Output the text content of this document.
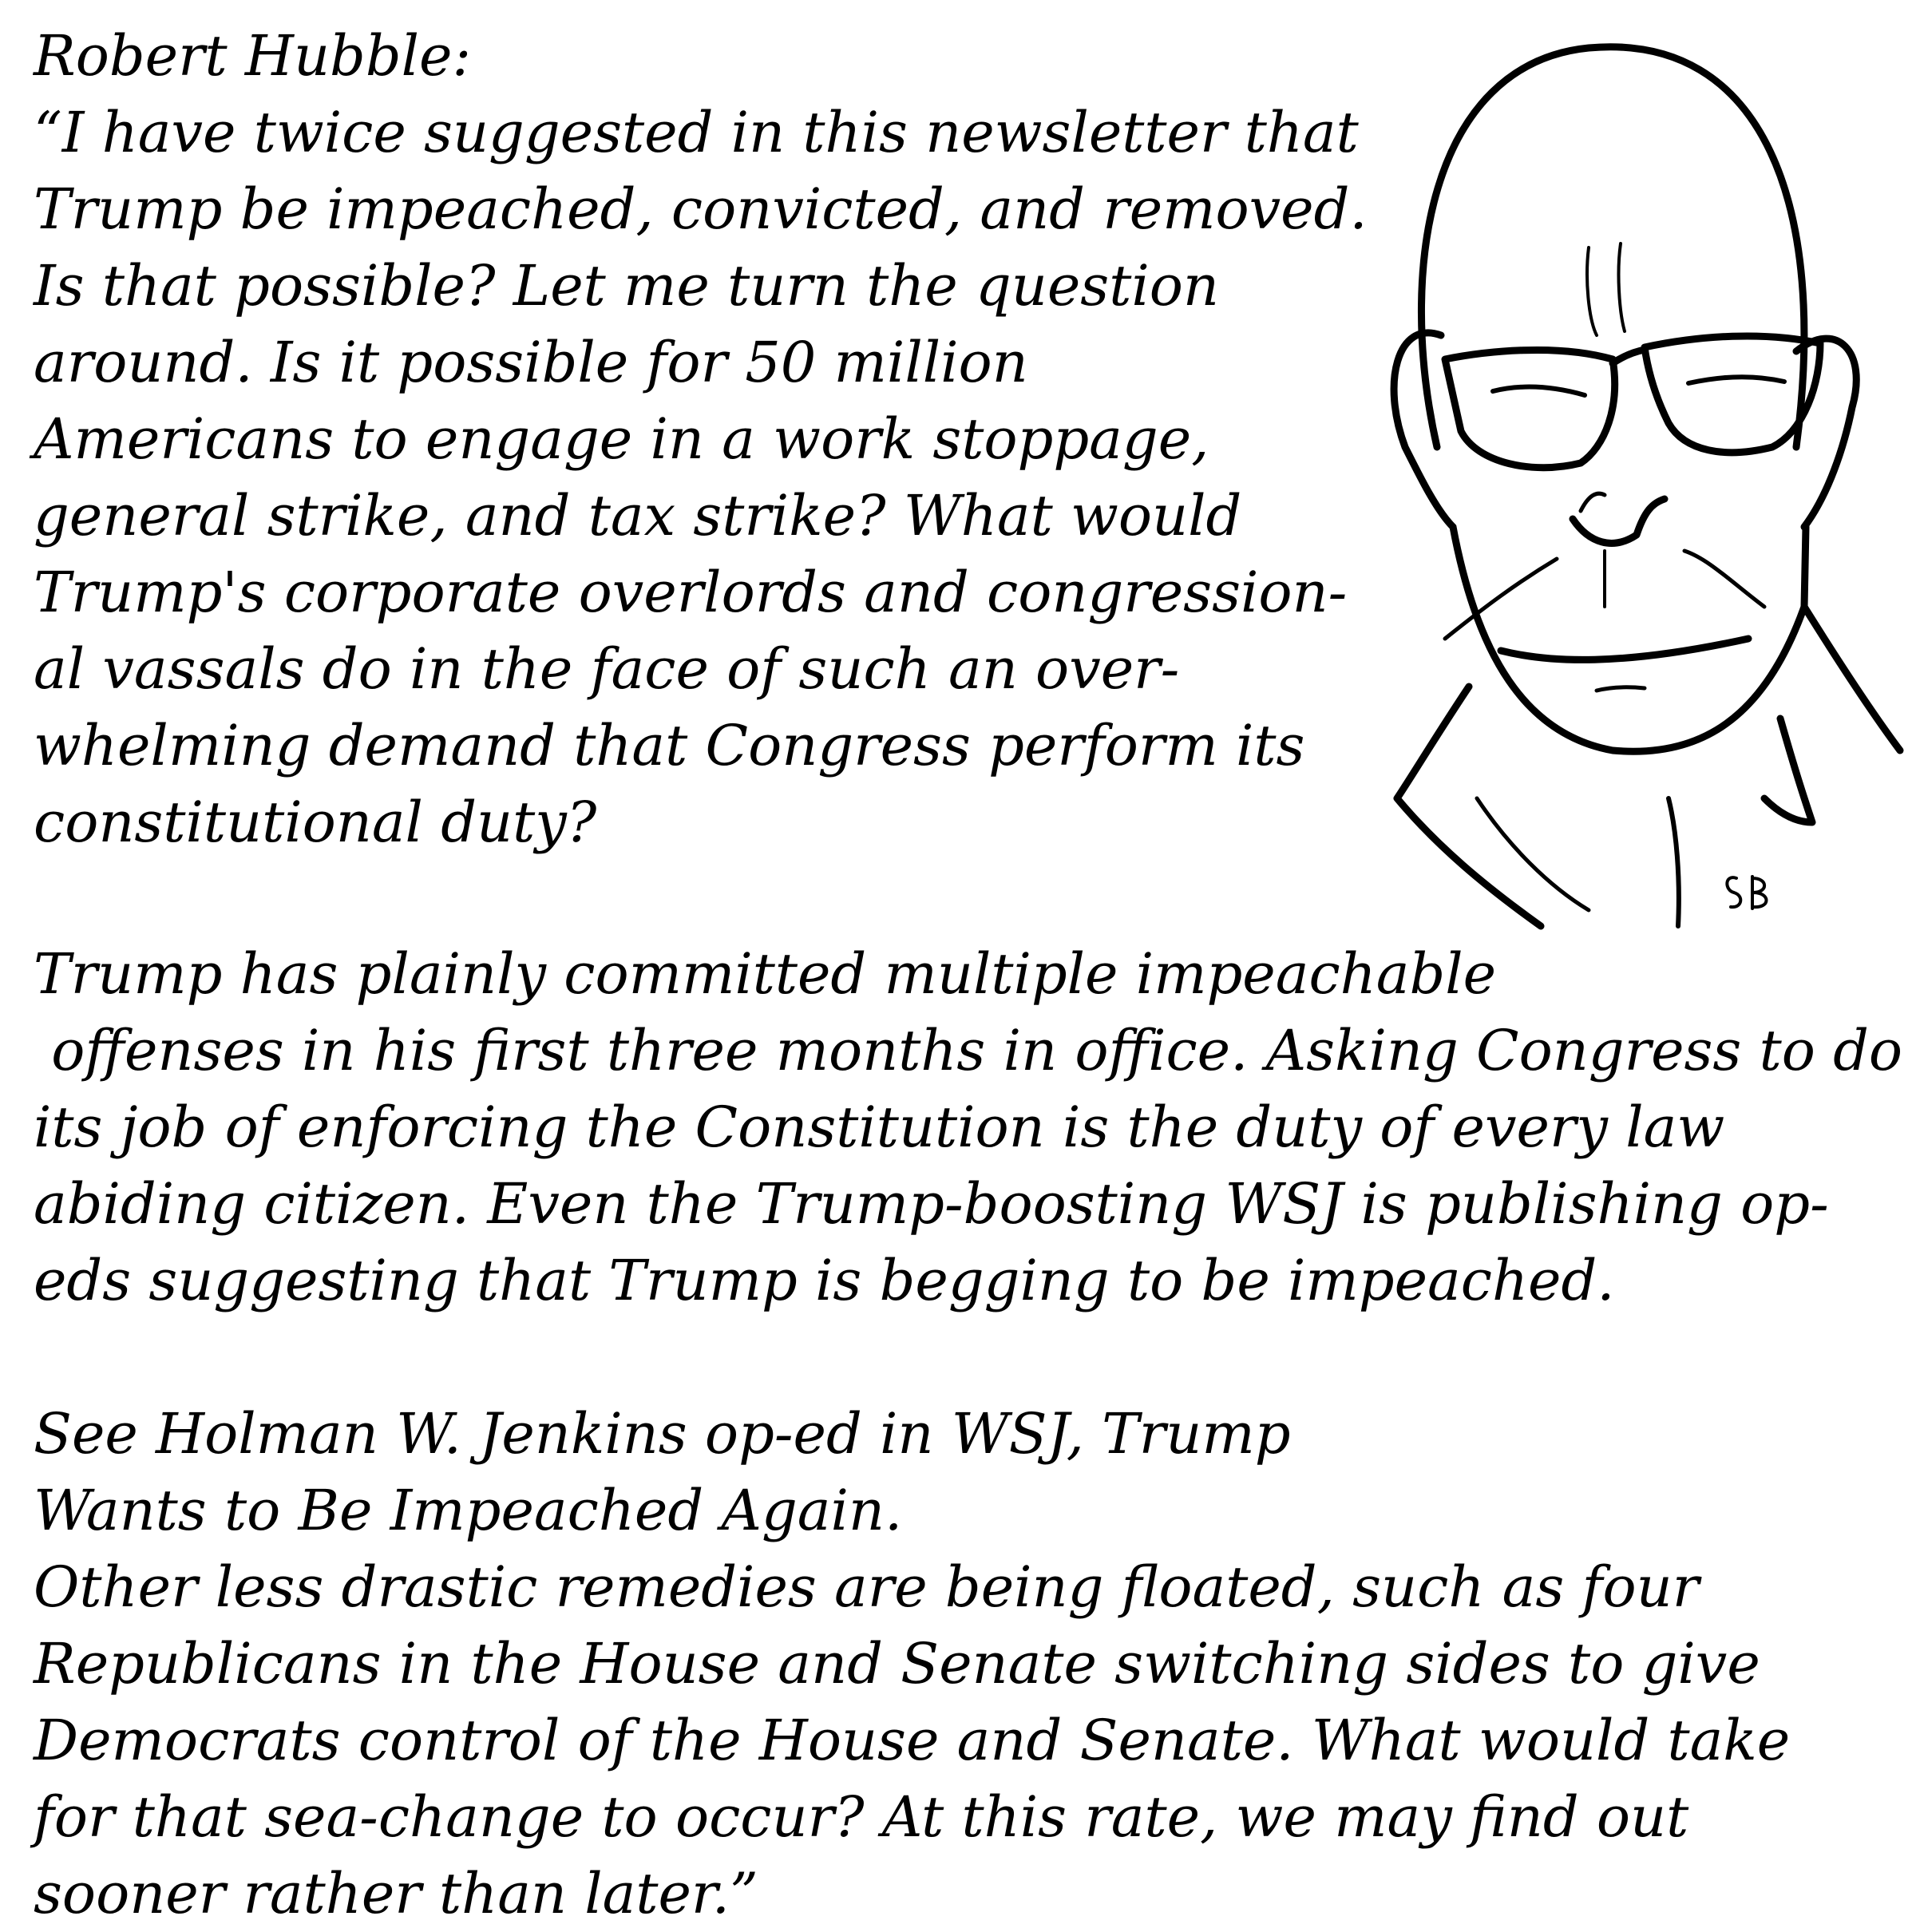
Robert Hubble:
“I have twice suggested in this newsletter that
Trump be impeached, convicted, and removed.
Is that possible? Let me turn the question
around. Is it possible for 50 million
Americans to engage in a work stoppage,
general strike, and tax strike? What would
Trump's corporate overlords and congression-
al vassals do in the face of such an over-
whelming demand that Congress perform its
constitutional duty?
Trump has plainly committed multiple impeachable
offenses in his first three months in office. Asking Congress to do
its job of enforcing the Constitution is the duty of every law
abiding citizen. Even the Trump-boosting WSJ is publishing op-
eds suggesting that Trump is begging to be impeached.
See Holman W. Jenkins op-ed in WSJ, Trump
Wants to Be Impeached Again.
Other less drastic remedies are being floated, such as four
Republicans in the House and Senate switching sides to give
Democrats control of the House and Senate. What would take
for that sea-change to occur? At this rate, we may find out
sooner rather than later.”
